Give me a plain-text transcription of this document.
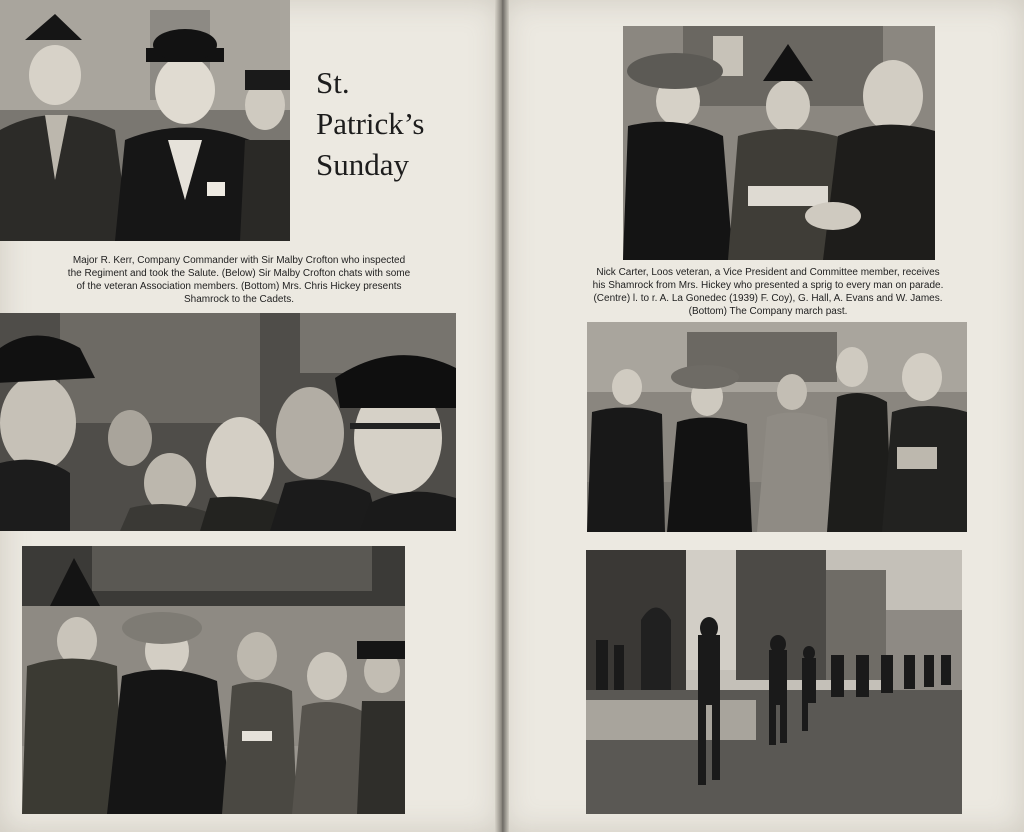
St.
Patrick’s
Sunday
Major R. Kerr, Company Commander with Sir Malby Crofton who inspected
the Regiment and took the Salute. (Below) Sir Malby Crofton chats with some
of the veteran Association members. (Bottom) Mrs. Chris Hickey presents
Shamrock to the Cadets.
Nick Carter, Loos veteran, a Vice President and Committee member, receives
his Shamrock from Mrs. Hickey who presented a sprig to every man on parade.
(Centre) l. to r. A. La Gonedec (1939) F. Coy), G. Hall, A. Evans and W. James.
(Bottom) The Company march past.
